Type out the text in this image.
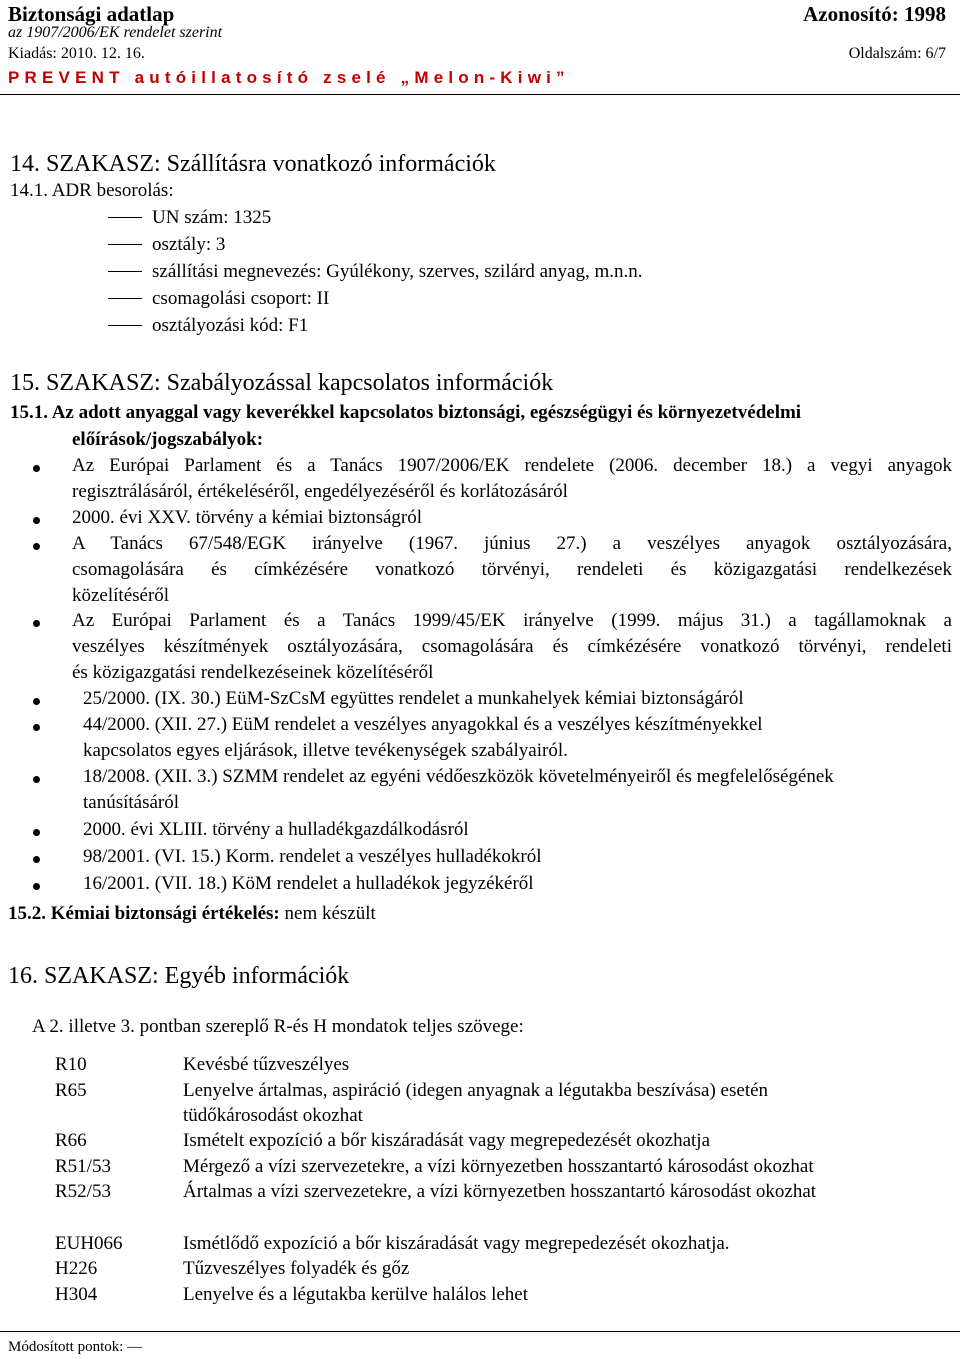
Biztonsági adatlap	Azonosító: 1998
az 1907/2006/EK rendelet szerint
Kiadás: 2010. 12. 16.	Oldalszám: 6/7
PREVENT autóillatosító zselé „Melon-Kiwi”
14. SZAKASZ: Szállításra vonatkozó információk
14.1. ADR besorolás:
UN szám: 1325
osztály: 3
szállítási megnevezés: Gyúlékony, szerves, szilárd anyag, m.n.n.
csomagolási csoport: II
osztályozási kód: F1
15. SZAKASZ: Szabályozással kapcsolatos információk
15.1. Az adott anyaggal vagy keverékkel kapcsolatos biztonsági, egészségügyi és környezetvédelmi
előírások/jogszabályok:
Az Európai Parlament és a Tanács 1907/2006/EK rendelete (2006. december 18.) a vegyi anyagok
regisztrálásáról, értékeléséről, engedélyezéséről és korlátozásáról
2000. évi XXV. törvény a kémiai biztonságról
A Tanács 67/548/EGK irányelve (1967. június 27.) a veszélyes anyagok osztályozására,
csomagolására és címkézésére vonatkozó törvényi, rendeleti és közigazgatási rendelkezések
közelítéséről
Az Európai Parlament és a Tanács 1999/45/EK irányelve (1999. május 31.) a tagállamoknak a
veszélyes készítmények osztályozására, csomagolására és címkézésére vonatkozó törvényi, rendeleti
és közigazgatási rendelkezéseinek közelítéséről
25/2000. (IX. 30.) EüM-SzCsM együttes rendelet a munkahelyek kémiai biztonságáról
44/2000. (XII. 27.) EüM rendelet a veszélyes anyagokkal és a veszélyes készítményekkel
kapcsolatos egyes eljárások, illetve tevékenységek szabályairól.
18/2008. (XII. 3.) SZMM rendelet az egyéni védőeszközök követelményeiről és megfelelőségének
tanúsításáról
2000. évi XLIII. törvény a hulladékgazdálkodásról
98/2001. (VI. 15.) Korm. rendelet a veszélyes hulladékokról
16/2001. (VII. 18.) KöM rendelet a hulladékok jegyzékéről
15.2. Kémiai biztonsági értékelés: nem készült
16. SZAKASZ: Egyéb információk
A 2. illetve 3. pontban szereplő R-és H mondatok teljes szövege:
R10	Kevésbé tűzveszélyes
R65	Lenyelve ártalmas, aspiráció (idegen anyagnak a légutakba beszívása) esetén
tüdőkárosodást okozhat
R66	Ismételt expozíció a bőr kiszáradását vagy megrepedezését okozhatja
R51/53	Mérgező a vízi szervezetekre, a vízi környezetben hosszantartó károsodást okozhat
R52/53	Ártalmas a vízi szervezetekre, a vízi környezetben hosszantartó károsodást okozhat
EUH066	Ismétlődő expozíció a bőr kiszáradását vagy megrepedezését okozhatja.
H226	Tűzveszélyes folyadék és gőz
H304	Lenyelve és a légutakba kerülve halálos lehet
Módosított pontok: —
